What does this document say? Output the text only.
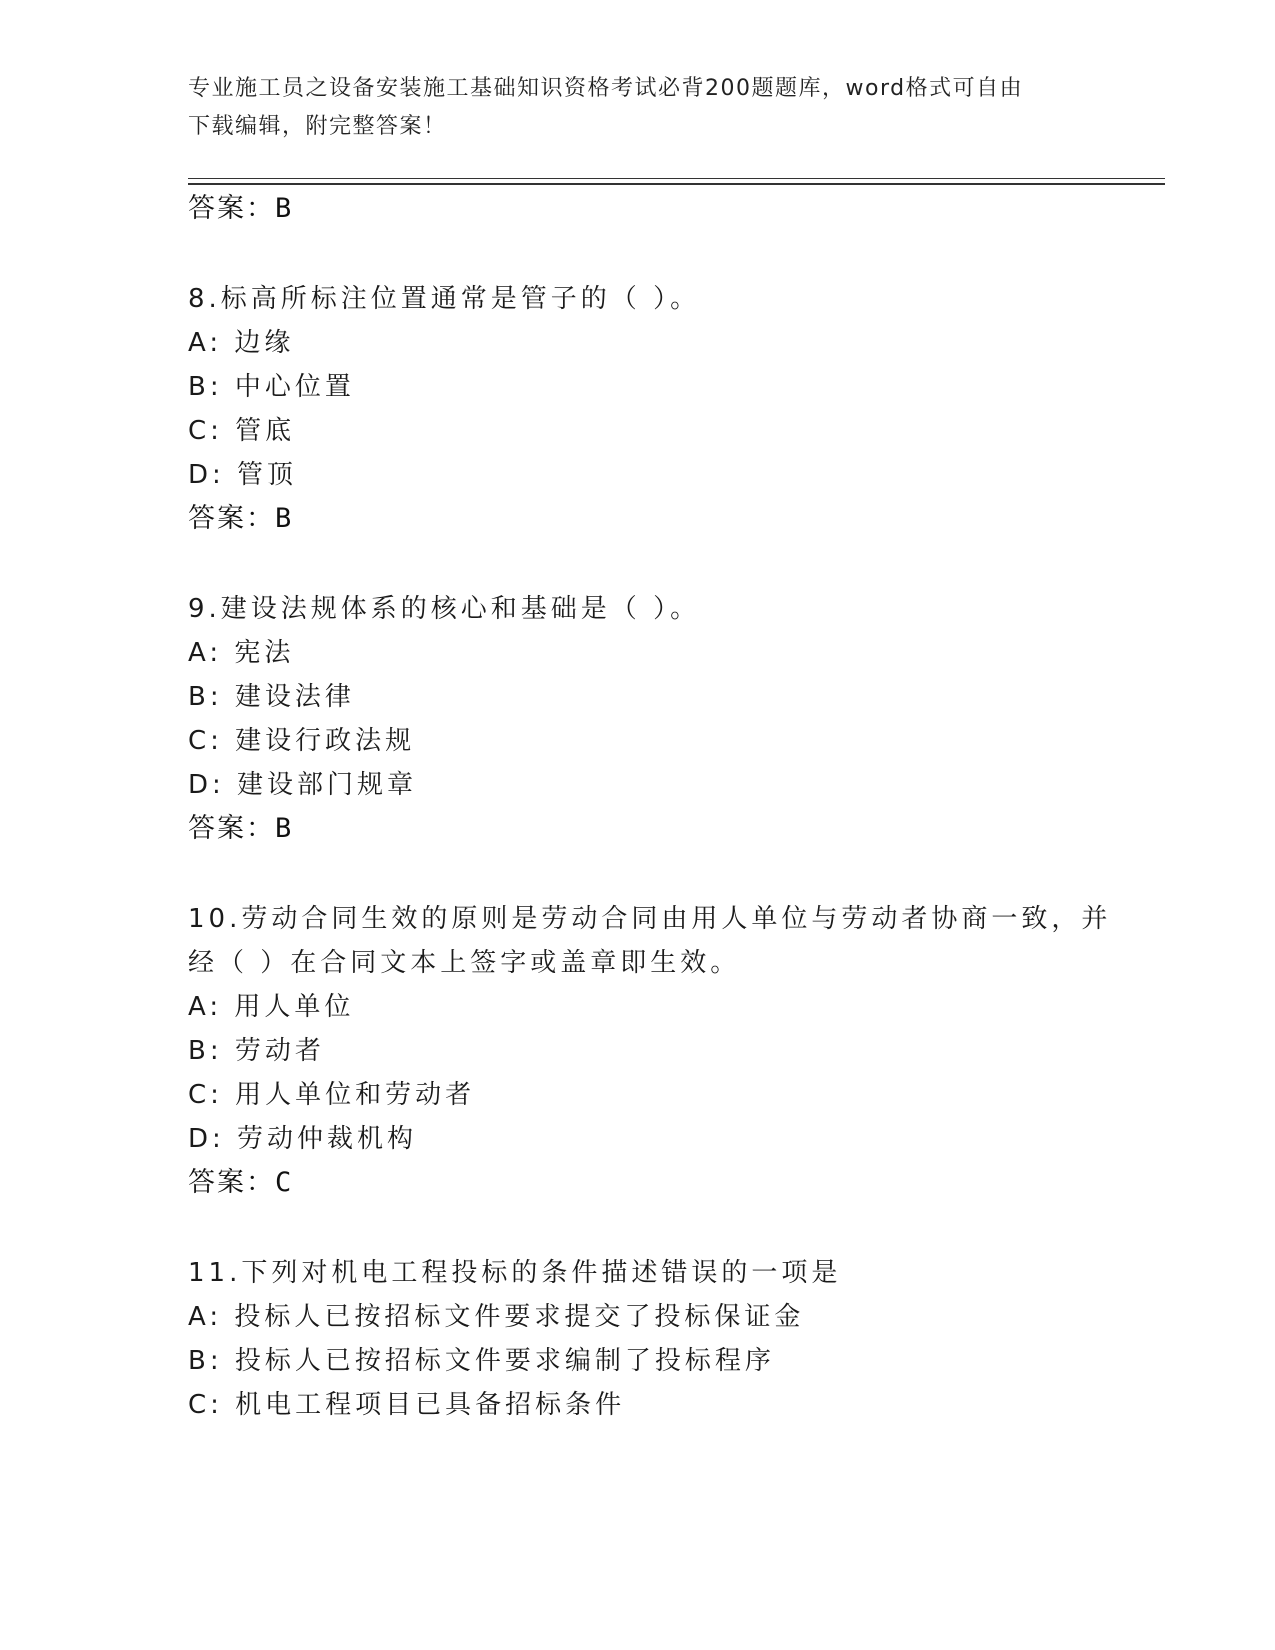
专业施工员之设备安装施工基础知识资格考试必背200题题库，word格式可自由
下载编辑，附完整答案！
答案：B
8.标高所标注位置通常是管子的（ ）。
A: 边缘
B: 中心位置
C: 管底
D: 管顶
答案：B
9.建设法规体系的核心和基础是（ ）。
A: 宪法
B: 建设法律
C: 建设行政法规
D: 建设部门规章
答案：B
10.劳动合同生效的原则是劳动合同由用人单位与劳动者协商一致，并
经（ ）在合同文本上签字或盖章即生效。
A: 用人单位
B: 劳动者
C: 用人单位和劳动者
D: 劳动仲裁机构
答案：C
11.下列对机电工程投标的条件描述错误的一项是
A: 投标人已按招标文件要求提交了投标保证金
B: 投标人已按招标文件要求编制了投标程序
C: 机电工程项目已具备招标条件
